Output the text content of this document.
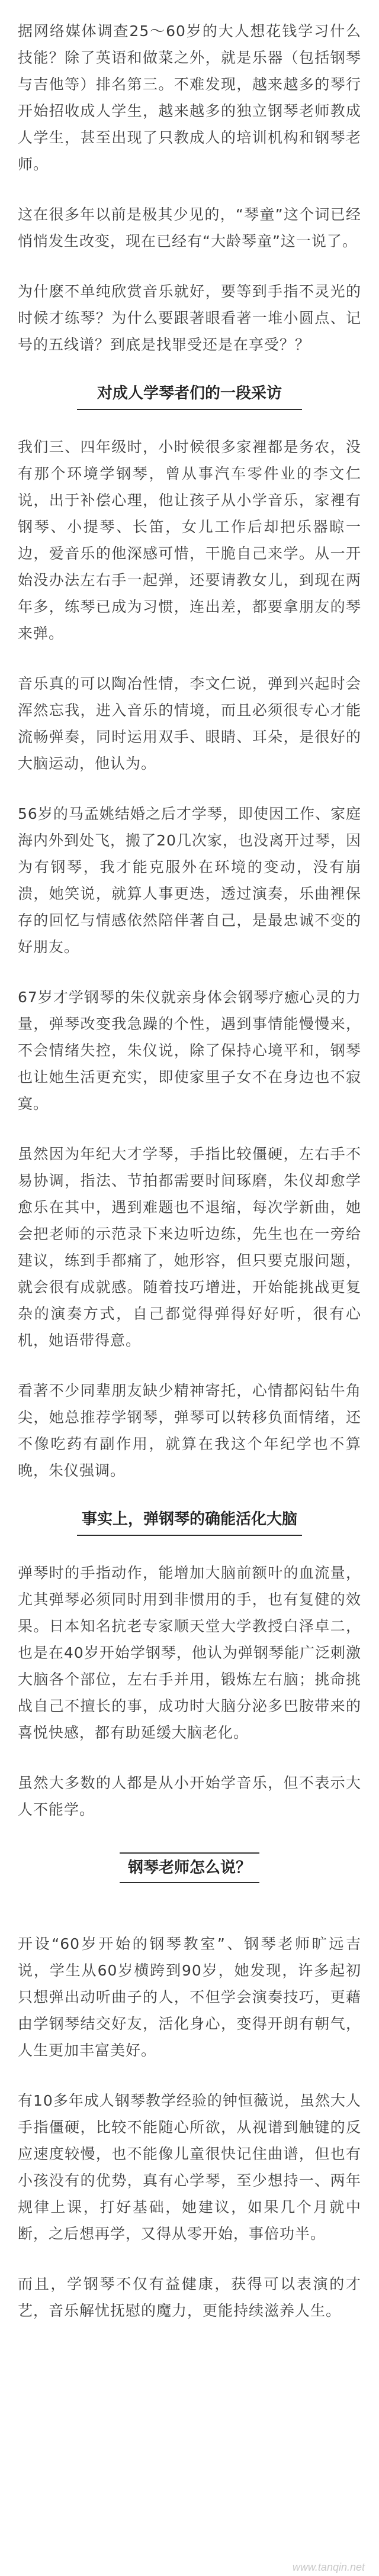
据网络媒体调查25～60岁的大人想花钱学习什么技能？除了英语和做菜之外，就是乐器（包括钢琴与吉他等）排名第三。不难发现，越来越多的琴行开始招收成人学生，越来越多的独立钢琴老师教成人学生，甚至出现了只教成人的培训机构和钢琴老师。

这在很多年以前是极其少见的，“琴童”这个词已经悄悄发生改变，现在已经有“大龄琴童”这一说了。

为什麽不单纯欣赏音乐就好，要等到手指不灵光的时候才练琴？为什么要跟著眼看著一堆小圆点、记号的五线谱？到底是找罪受还是在享受？？

对成人学琴者们的一段采访

我们三、四年级时，小时候很多家裡都是务农，没有那个环境学钢琴，曾从事汽车零件业的李文仁说，出于补偿心理，他让孩子从小学音乐，家裡有钢琴、小提琴、长笛，女儿工作后却把乐器晾一边，爱音乐的他深感可惜，干脆自己来学。从一开始没办法左右手一起弹，还要请教女儿，到现在两年多，练琴已成为习惯，连出差，都要拿朋友的琴来弹。

音乐真的可以陶冶性情，李文仁说，弹到兴起时会浑然忘我，进入音乐的情境，而且必须很专心才能流畅弹奏，同时运用双手、眼睛、耳朵，是很好的大脑运动，他认为。

56岁的马孟姚结婚之后才学琴，即使因工作、家庭海内外到处飞，搬了20几次家，也没离开过琴，因为有钢琴，我才能克服外在环境的变动，没有崩溃，她笑说，就算人事更迭，透过演奏，乐曲裡保存的回忆与情感依然陪伴著自己，是最忠诚不变的好朋友。

67岁才学钢琴的朱仪就亲身体会钢琴疗癒心灵的力量，弹琴改变我急躁的个性，遇到事情能慢慢来，不会情绪失控，朱仪说，除了保持心境平和，钢琴也让她生活更充实，即使家里子女不在身边也不寂寞。

虽然因为年纪大才学琴，手指比较僵硬，左右手不易协调，指法、节拍都需要时间琢磨，朱仪却愈学愈乐在其中，遇到难题也不退缩，每次学新曲，她会把老师的示范录下来边听边练，先生也在一旁给建议，练到手都痛了，她形容，但只要克服问题，就会很有成就感。随着技巧增进，开始能挑战更复杂的演奏方式，自己都觉得弹得好好听，很有心机，她语带得意。

看著不少同辈朋友缺少精神寄托，心情都闷钻牛角尖，她总推荐学钢琴，弹琴可以转移负面情绪，还不像吃药有副作用，就算在我这个年纪学也不算晚，朱仪强调。

事实上，弹钢琴的确能活化大脑

弹琴时的手指动作，能增加大脑前额叶的血流量，尤其弹琴必须同时用到非惯用的手，也有复健的效果。日本知名抗老专家顺天堂大学教授白泽卓二，也是在40岁开始学钢琴，他认为弹钢琴能广泛刺激大脑各个部位，左右手并用，锻炼左右脑；挑命挑战自己不擅长的事，成功时大脑分泌多巴胺带来的喜悦快感，都有助延缓大脑老化。

虽然大多数的人都是从小开始学音乐，但不表示大人不能学。

钢琴老师怎么说？

开设“60岁开始的钢琴教室”、钢琴老师旷远吉说，学生从60岁横跨到90岁，她发现，许多起初只想弹出动听曲子的人，不但学会演奏技巧，更藉由学钢琴结交好友，活化身心，变得开朗有朝气，人生更加丰富美好。

有10多年成人钢琴教学经验的钟恒薇说，虽然大人手指僵硬，比较不能随心所欲，从视谱到触键的反应速度较慢，也不能像儿童很快记住曲谱，但也有小孩没有的优势，真有心学琴，至少想持一、两年规律上课，打好基础，她建议，如果几个月就中断，之后想再学，又得从零开始，事倍功半。

而且，学钢琴不仅有益健康，获得可以表演的才艺，音乐解忧抚慰的魔力，更能持续滋养人生。

www.tanqin.net
